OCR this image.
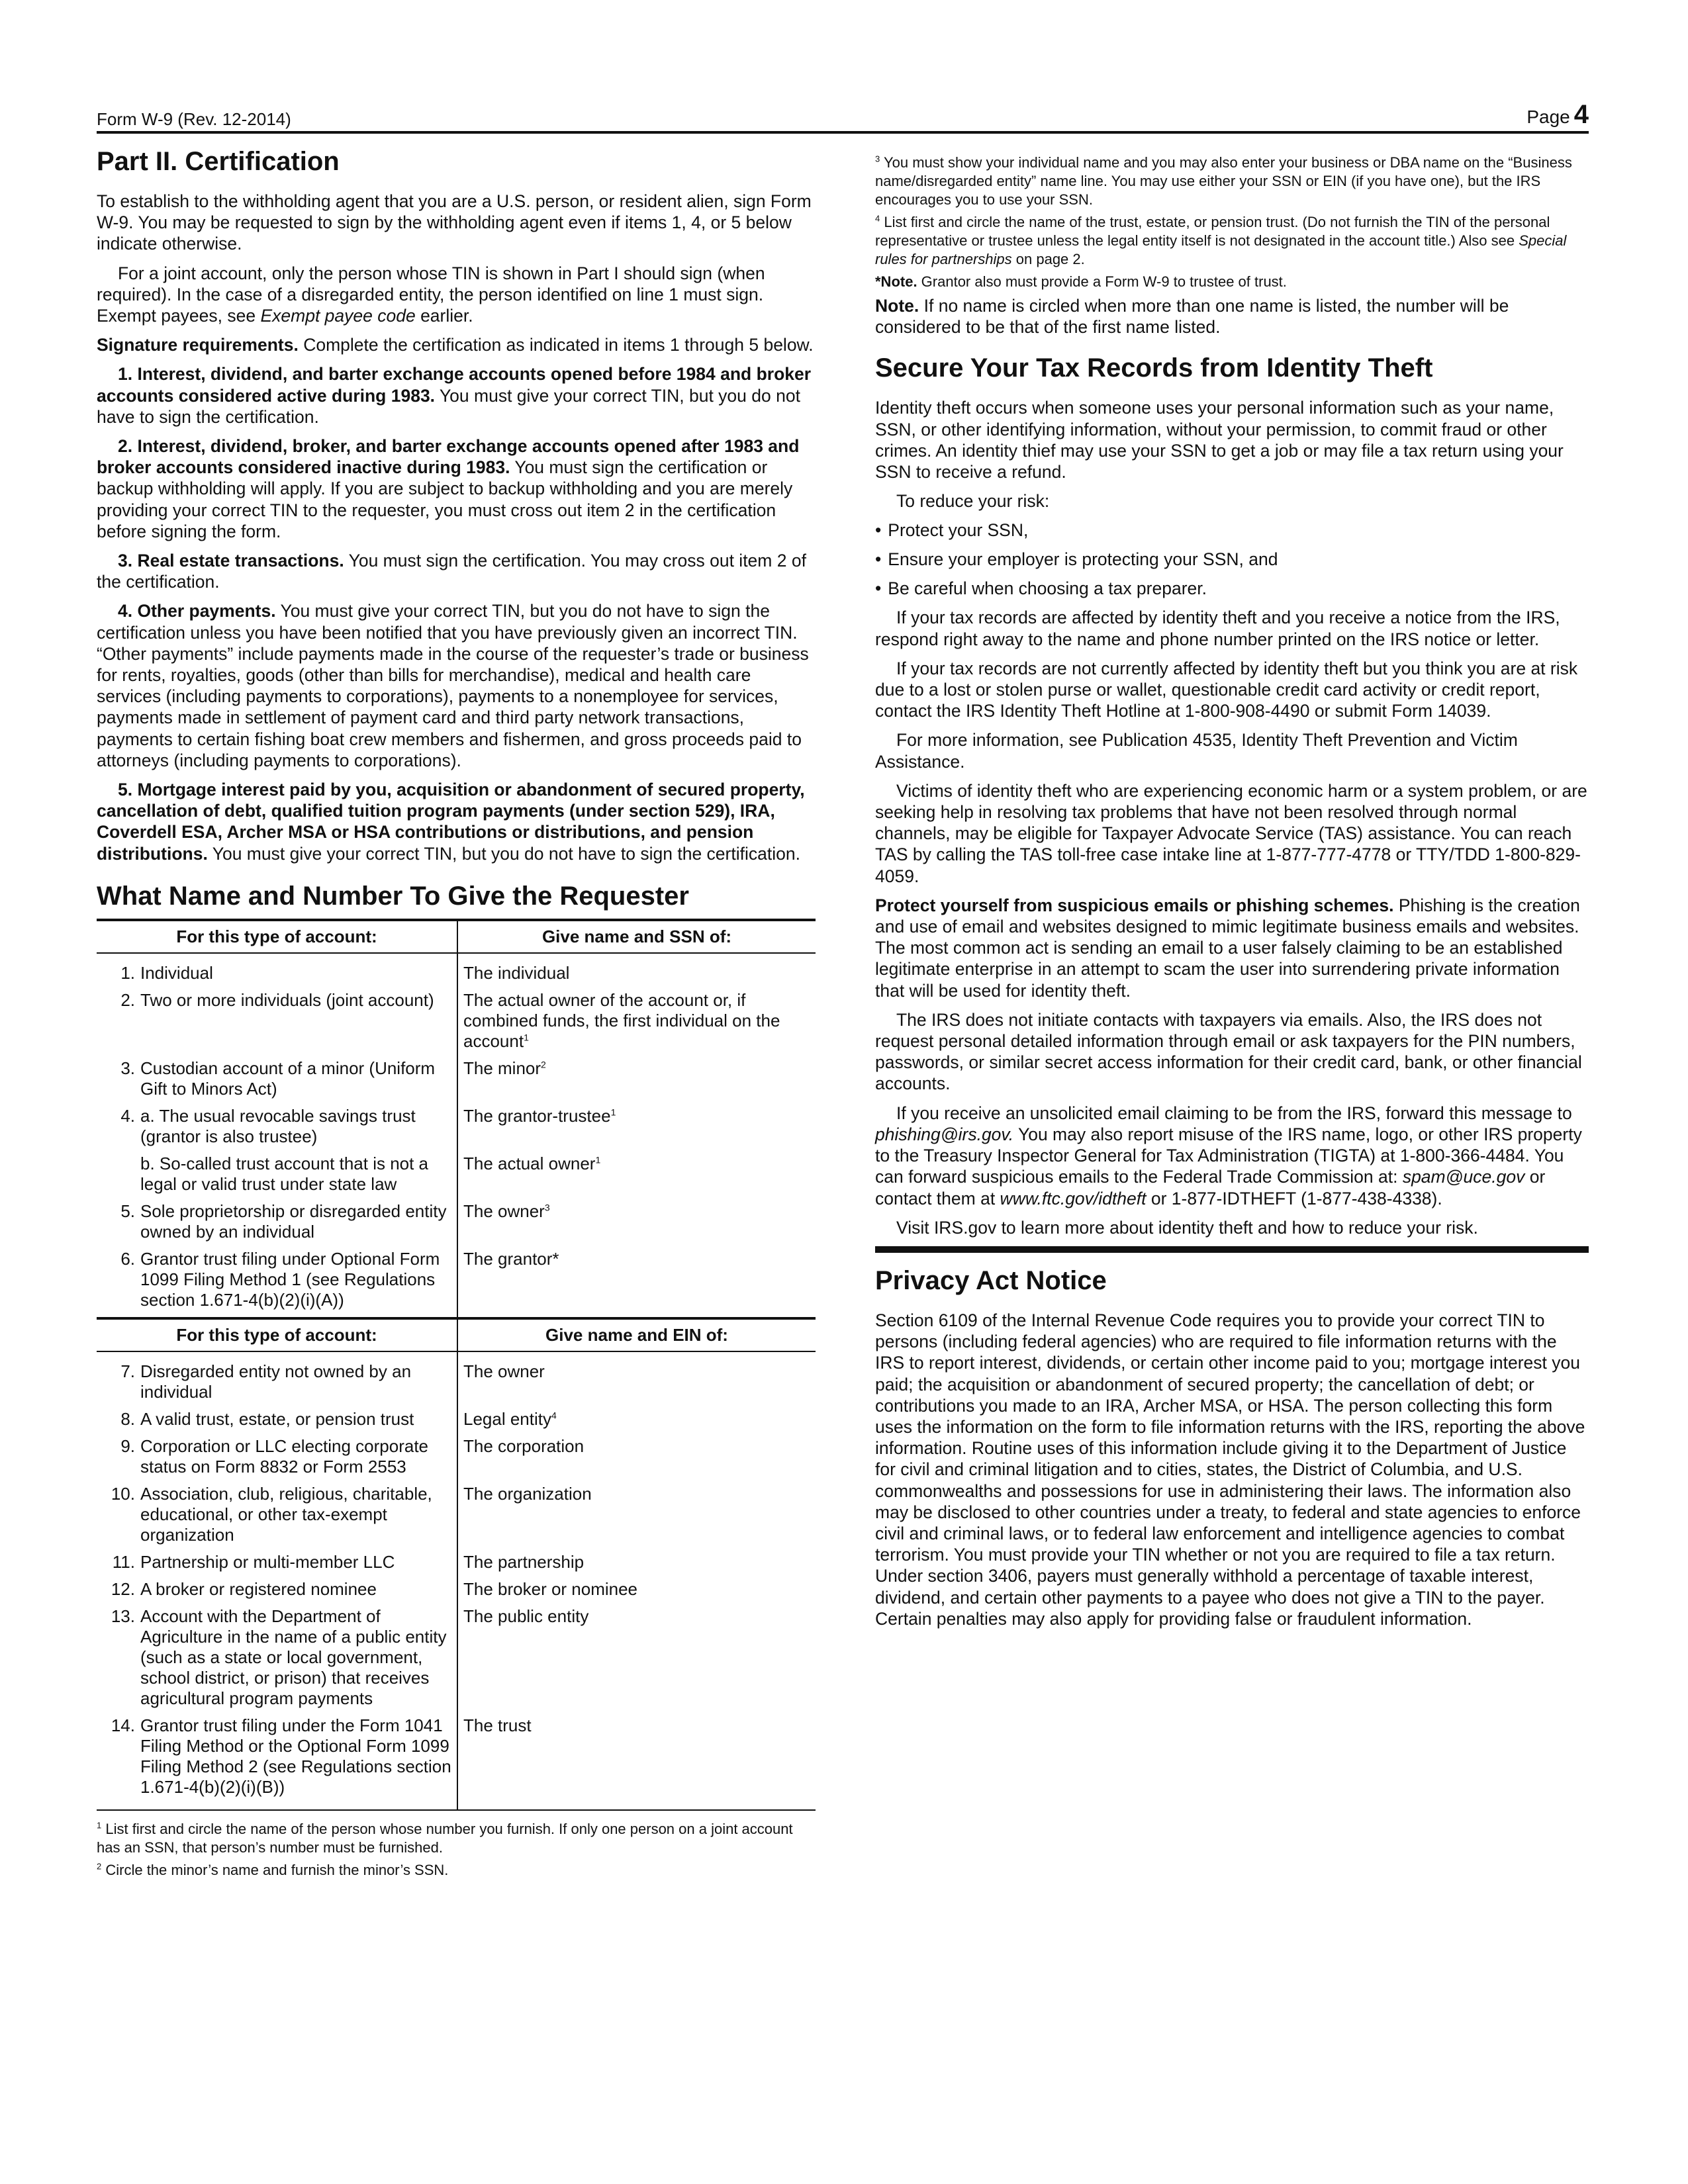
Form W-9 (Rev. 12-2014)	Page 4
Part II. Certification

To establish to the withholding agent that you are a U.S. person, or resident alien, sign Form W-9. You may be requested to sign by the withholding agent even if items 1, 4, or 5 below indicate otherwise.

For a joint account, only the person whose TIN is shown in Part I should sign (when required). In the case of a disregarded entity, the person identified on line 1 must sign. Exempt payees, see Exempt payee code earlier.

Signature requirements. Complete the certification as indicated in items 1 through 5 below.

1. Interest, dividend, and barter exchange accounts opened before 1984 and broker accounts considered active during 1983. You must give your correct TIN, but you do not have to sign the certification.

2. Interest, dividend, broker, and barter exchange accounts opened after 1983 and broker accounts considered inactive during 1983. You must sign the certification or backup withholding will apply. If you are subject to backup withholding and you are merely providing your correct TIN to the requester, you must cross out item 2 in the certification before signing the form.

3. Real estate transactions. You must sign the certification. You may cross out item 2 of the certification.

4. Other payments. You must give your correct TIN, but you do not have to sign the certification unless you have been notified that you have previously given an incorrect TIN. “Other payments” include payments made in the course of the requester’s trade or business for rents, royalties, goods (other than bills for merchandise), medical and health care services (including payments to corporations), payments to a nonemployee for services, payments made in settlement of payment card and third party network transactions, payments to certain fishing boat crew members and fishermen, and gross proceeds paid to attorneys (including payments to corporations).

5. Mortgage interest paid by you, acquisition or abandonment of secured property, cancellation of debt, qualified tuition program payments (under section 529), IRA, Coverdell ESA, Archer MSA or HSA contributions or distributions, and pension distributions. You must give your correct TIN, but you do not have to sign the certification.

What Name and Number To Give the Requester
For this type of account:	Give name and SSN of:

1. Individual	The individual

2. Two or more individuals (joint account)	The actual owner of the account or, if combined funds, the first individual on the account$^1$

3. Custodian account of a minor (Uniform Gift to Minors Act)	The minor$^2$

4. a. The usual revocable savings trust (grantor is also trustee)	The grantor-trustee$^1$

b. So-called trust account that is not a legal or valid trust under state law	The actual owner$^1$

5. Sole proprietorship or disregarded entity owned by an individual	The owner$^3$

6. Grantor trust filing under Optional Form 1099 Filing Method 1 (see Regulations section 1.671-4(b)(2)(i)(A))	The grantor*
For this type of account:	Give name and EIN of:

7. Disregarded entity not owned by an individual	The owner

8. A valid trust, estate, or pension trust	Legal entity$^4$

9. Corporation or LLC electing corporate status on Form 8832 or Form 2553	The corporation

10. Association, club, religious, charitable, educational, or other tax-exempt organization	The organization

11. Partnership or multi-member LLC	The partnership

12. A broker or registered nominee	The broker or nominee

13. Account with the Department of Agriculture in the name of a public entity (such as a state or local government, school district, or prison) that receives agricultural program payments	The public entity

14. Grantor trust filing under the Form 1041 Filing Method or the Optional Form 1099 Filing Method 2 (see Regulations section 1.671-4(b)(2)(i)(B))	The trust

$^1$ List first and circle the name of the person whose number you furnish. If only one person on a joint account has an SSN, that person’s number must be furnished.

$^2$ Circle the minor’s name and furnish the minor’s SSN.

$^3$ You must show your individual name and you may also enter your business or DBA name on the “Business name/disregarded entity” name line. You may use either your SSN or EIN (if you have one), but the IRS encourages you to use your SSN.

$^4$ List first and circle the name of the trust, estate, or pension trust. (Do not furnish the TIN of the personal representative or trustee unless the legal entity itself is not designated in the account title.) Also see Special rules for partnerships on page 2.

*Note. Grantor also must provide a Form W-9 to trustee of trust.

Note. If no name is circled when more than one name is listed, the number will be considered to be that of the first name listed.

Secure Your Tax Records from Identity Theft

Identity theft occurs when someone uses your personal information such as your name, SSN, or other identifying information, without your permission, to commit fraud or other crimes. An identity thief may use your SSN to get a job or may file a tax return using your SSN to receive a refund.

To reduce your risk:

• Protect your SSN,
• Ensure your employer is protecting your SSN, and
• Be careful when choosing a tax preparer.

If your tax records are affected by identity theft and you receive a notice from the IRS, respond right away to the name and phone number printed on the IRS notice or letter.

If your tax records are not currently affected by identity theft but you think you are at risk due to a lost or stolen purse or wallet, questionable credit card activity or credit report, contact the IRS Identity Theft Hotline at 1-800-908-4490 or submit Form 14039.

For more information, see Publication 4535, Identity Theft Prevention and Victim Assistance.

Victims of identity theft who are experiencing economic harm or a system problem, or are seeking help in resolving tax problems that have not been resolved through normal channels, may be eligible for Taxpayer Advocate Service (TAS) assistance. You can reach TAS by calling the TAS toll-free case intake line at 1-877-777-4778 or TTY/TDD 1-800-829-4059.

Protect yourself from suspicious emails or phishing schemes. Phishing is the creation and use of email and websites designed to mimic legitimate business emails and websites. The most common act is sending an email to a user falsely claiming to be an established legitimate enterprise in an attempt to scam the user into surrendering private information that will be used for identity theft.

The IRS does not initiate contacts with taxpayers via emails. Also, the IRS does not request personal detailed information through email or ask taxpayers for the PIN numbers, passwords, or similar secret access information for their credit card, bank, or other financial accounts.

If you receive an unsolicited email claiming to be from the IRS, forward this message to phishing@irs.gov. You may also report misuse of the IRS name, logo, or other IRS property to the Treasury Inspector General for Tax Administration (TIGTA) at 1-800-366-4484. You can forward suspicious emails to the Federal Trade Commission at: spam@uce.gov or contact them at www.ftc.gov/idtheft or 1-877-IDTHEFT (1-877-438-4338).

Visit IRS.gov to learn more about identity theft and how to reduce your risk.

Privacy Act Notice

Section 6109 of the Internal Revenue Code requires you to provide your correct TIN to persons (including federal agencies) who are required to file information returns with the IRS to report interest, dividends, or certain other income paid to you; mortgage interest you paid; the acquisition or abandonment of secured property; the cancellation of debt; or contributions you made to an IRA, Archer MSA, or HSA. The person collecting this form uses the information on the form to file information returns with the IRS, reporting the above information. Routine uses of this information include giving it to the Department of Justice for civil and criminal litigation and to cities, states, the District of Columbia, and U.S. commonwealths and possessions for use in administering their laws. The information also may be disclosed to other countries under a treaty, to federal and state agencies to enforce civil and criminal laws, or to federal law enforcement and intelligence agencies to combat terrorism. You must provide your TIN whether or not you are required to file a tax return. Under section 3406, payers must generally withhold a percentage of taxable interest, dividend, and certain other payments to a payee who does not give a TIN to the payer. Certain penalties may also apply for providing false or fraudulent information.
